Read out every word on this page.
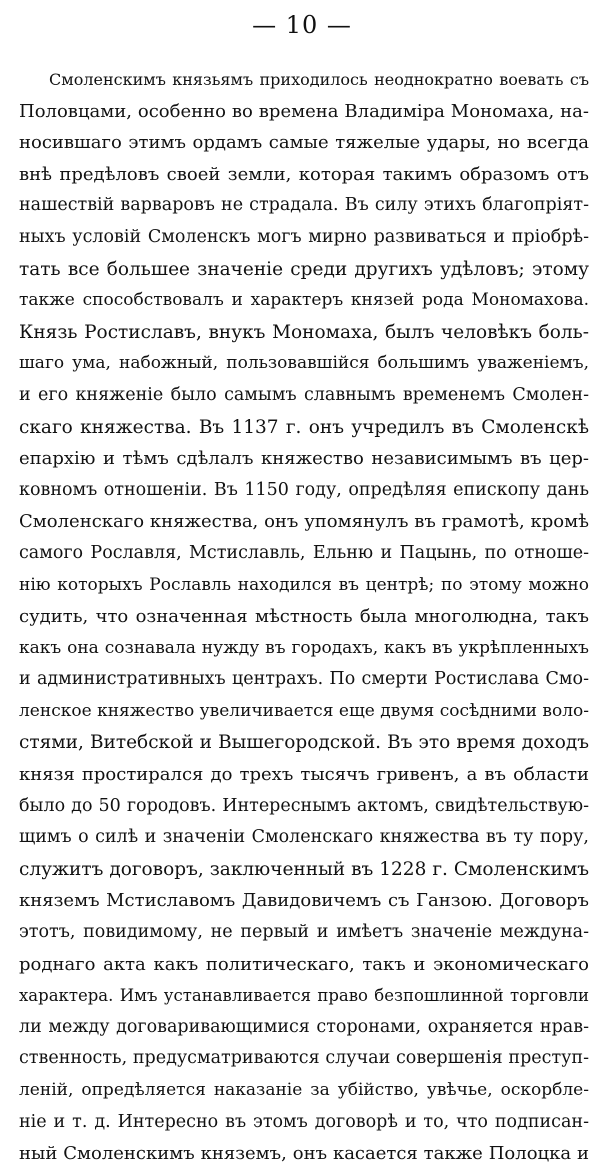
— 10 —
Смоленскимъ князьямъ приходилось неоднократно воевать съ
Половцами, особенно во времена Владиміра Мономаха, на-
носившаго этимъ ордамъ самые тяжелые удары, но всегда
внѣ предѣловъ своей земли, которая такимъ образомъ отъ
нашествій варваровъ не страдала. Въ силу этихъ благопріят-
ныхъ условій Смоленскъ могъ мирно развиваться и пріобрѣ-
тать все большее значеніе среди другихъ удѣловъ; этому
также способствовалъ и характеръ князей рода Мономахова.
Князь Ростиславъ, внукъ Мономаха, былъ человѣкъ боль-
шаго ума, набожный, пользовавшійся большимъ уваженіемъ,
и его княженіе было самымъ славнымъ временемъ Смолен-
скаго княжества. Въ 1137 г. онъ учредилъ въ Смоленскѣ
епархію и тѣмъ сдѣлалъ княжество независимымъ въ цер-
ковномъ отношеніи. Въ 1150 году, опредѣляя епископу дань
Смоленскаго княжества, онъ упомянулъ въ грамотѣ, кромѣ
самого Рославля, Мстиславль, Ельню и Пацынь, по отноше-
нію которыхъ Рославль находился въ центрѣ; по этому можно
судить, что означенная мѣстность была многолюдна, такъ
какъ она сознавала нужду въ городахъ, какъ въ укрѣпленныхъ
и административныхъ центрахъ. По смерти Ростислава Смо-
ленское княжество увеличивается еще двумя сосѣдними воло-
стями, Витебской и Вышегородской. Въ это время доходъ
князя простирался до трехъ тысячъ гривенъ, а въ области
было до 50 городовъ. Интереснымъ актомъ, свидѣтельствую-
щимъ о силѣ и значеніи Смоленскаго княжества въ ту пору,
служитъ договоръ, заключенный въ 1228 г. Смоленскимъ
княземъ Мстиславомъ Давидовичемъ съ Ганзою. Договоръ
этотъ, повидимому, не первый и имѣетъ значеніе междуна-
роднаго акта какъ политическаго, такъ и экономическаго
характера. Имъ устанавливается право безпошлинной торговли
ли между договаривающимися сторонами, охраняется нрав-
ственность, предусматриваются случаи совершенія преступ-
леній, опредѣляется наказаніе за убійство, увѣчье, оскорбле-
ніе и т. д. Интересно въ этомъ договорѣ и то, что подписан-
ный Смоленскимъ княземъ, онъ касается также Полоцка и
